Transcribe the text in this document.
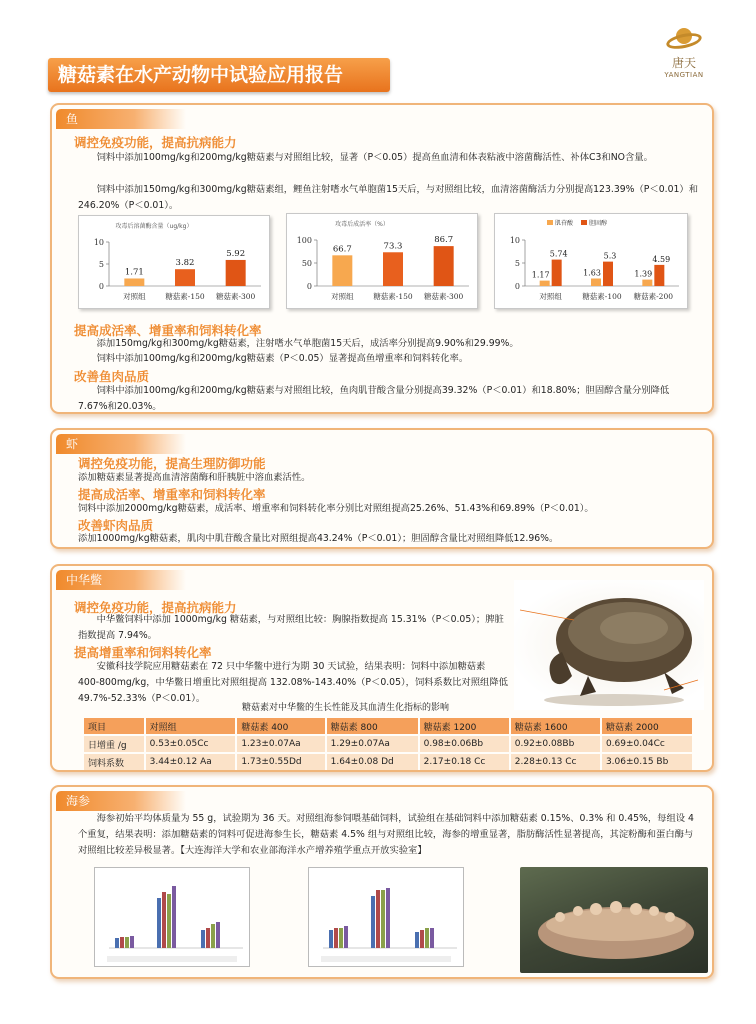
糖菇素在水产动物中试验应用报告
唐天
YANGTIAN
鱼
调控免疫功能，提高抗病能力
饲料中添加100mg/kg和200mg/kg糖菇素与对照组比较，显著（P＜0.05）提高鱼血清和体表粘液中溶菌酶活性、补体C3和NO含量。
饲料中添加150mg/kg和300mg/kg糖菇素组，鲤鱼注射嗜水气单胞菌15天后，与对照组比较，血清溶菌酶活力分别提高123.39%（P＜0.01）和246.20%（P＜0.01）。
攻毒后溶菌酶含量（ug/kg）
0
5
10
对照组
1.71
糖菇素-150
3.82
糖菇素-300
5.92
攻毒后成活率（%）
0
50
100
对照组
66.7
糖菇素-150
73.3
糖菇素-300
86.7
肌苷酸	胆固醇
0
5
10
对照组
1.17
5.74
糖菇素-100
1.63
5.3
糖菇素-200
1.39
4.59
提高成活率、增重率和饲料转化率
添加150mg/kg和300mg/kg糖菇素，注射嗜水气单胞菌15天后，成活率分别提高9.90%和29.99%。
饲料中添加100mg/kg和200mg/kg糖菇素（P＜0.05）显著提高鱼增重率和饲料转化率。
改善鱼肉品质
饲料中添加100mg/kg和200mg/kg糖菇素与对照组比较，鱼肉肌苷酸含量分别提高39.32%（P＜0.01）和18.80%；胆固醇含量分别降低7.67%和20.03%。
虾
调控免疫功能，提高生理防御功能
添加糖菇素显著提高血清溶菌酶和肝胰脏中溶血素活性。
提高成活率、增重率和饲料转化率
饲料中添加2000mg/kg糖菇素，成活率、增重率和饲料转化率分别比对照组提高25.26%、51.43%和69.89%（P＜0.01）。
改善虾肉品质
添加1000mg/kg糖菇素，肌肉中肌苷酸含量比对照组提高43.24%（P＜0.01）；胆固醇含量比对照组降低12.96%。
中华鳖
调控免疫功能，提高抗病能力
中华鳖饲料中添加 1000mg/kg 糖菇素，与对照组比较：胸腺指数提高 15.31%（P＜0.05）；脾脏指数提高 7.94%。
提高增重率和饲料转化率
安徽科技学院应用糖菇素在 72 只中华鳖中进行为期 30 天试验，结果表明：饲料中添加糖菇素 400-800mg/kg，中华鳖日增重比对照组提高 132.08%-143.40%（P＜0.05），饲料系数比对照组降低 49.7%-52.33%（P＜0.01）。
糖菇素对中华鳖的生长性能及其血清生化指标的影响
项目	对照组	糖菇素 400	糖菇素 800	糖菇素 1200	糖菇素 1600	糖菇素 2000
日增重 /g	0.53±0.05Cc	1.23±0.07Aa	1.29±0.07Aa	0.98±0.06Bb	0.92±0.08Bb	0.69±0.04Cc
饲料系数	3.44±0.12 Aa	1.73±0.55Dd	1.64±0.08 Dd	2.17±0.18 Cc	2.28±0.13 Cc	3.06±0.15 Bb
海参
海参初始平均体质量为 55 g，试验期为 36 天。对照组海参饲喂基础饲料，试验组在基础饲料中添加糖菇素 0.15%、0.3% 和 0.45%，每组设 4 个重复，结果表明：添加糖菇素的饲料可促进海参生长，糖菇素 4.5% 组与对照组比较，海参的增重显著，脂肪酶活性显著提高，其淀粉酶和蛋白酶与对照组比较差异极显著。【大连海洋大学和农业部海洋水产增养殖学重点开放实验室】
